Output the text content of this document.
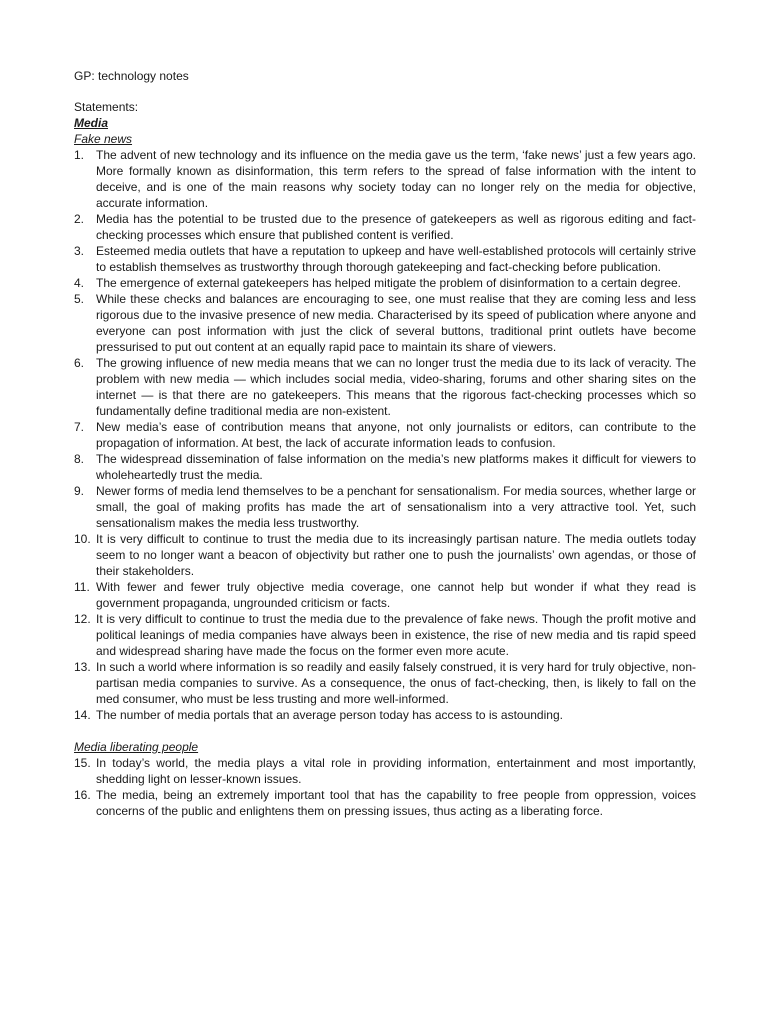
GP: technology notes

Statements:

Media

Fake news

1. The advent of new technology and its influence on the media gave us the term, ‘fake news’ just a few years ago. More formally known as disinformation, this term refers to the spread of false information with the intent to deceive, and is one of the main reasons why society today can no longer rely on the media for objective, accurate information.
2. Media has the potential to be trusted due to the presence of gatekeepers as well as rigorous editing and fact-checking processes which ensure that published content is verified.
3. Esteemed media outlets that have a reputation to upkeep and have well-established protocols will certainly strive to establish themselves as trustworthy through thorough gatekeeping and fact-checking before publication.
4. The emergence of external gatekeepers has helped mitigate the problem of disinformation to a certain degree.
5. While these checks and balances are encouraging to see, one must realise that they are coming less and less rigorous due to the invasive presence of new media. Characterised by its speed of publication where anyone and everyone can post information with just the click of several buttons, traditional print outlets have become pressurised to put out content at an equally rapid pace to maintain its share of viewers.
6. The growing influence of new media means that we can no longer trust the media due to its lack of veracity. The problem with new media — which includes social media, video-sharing, forums and other sharing sites on the internet — is that there are no gatekeepers. This means that the rigorous fact-checking processes which so fundamentally define traditional media are non-existent.
7. New media’s ease of contribution means that anyone, not only journalists or editors, can contribute to the propagation of information. At best, the lack of accurate information leads to confusion.
8. The widespread dissemination of false information on the media’s new platforms makes it difficult for viewers to wholeheartedly trust the media.
9. Newer forms of media lend themselves to be a penchant for sensationalism. For media sources, whether large or small, the goal of making profits has made the art of sensationalism into a very attractive tool. Yet, such sensationalism makes the media less trustworthy.
10. It is very difficult to continue to trust the media due to its increasingly partisan nature. The media outlets today seem to no longer want a beacon of objectivity but rather one to push the journalists’ own agendas, or those of their stakeholders.
11. With fewer and fewer truly objective media coverage, one cannot help but wonder if what they read is government propaganda, ungrounded criticism or facts.
12. It is very difficult to continue to trust the media due to the prevalence of fake news. Though the profit motive and political leanings of media companies have always been in existence, the rise of new media and tis rapid speed and widespread sharing have made the focus on the former even more acute.
13. In such a world where information is so readily and easily falsely construed, it is very hard for truly objective, non-partisan media companies to survive. As a consequence, the onus of fact-checking, then, is likely to fall on the med consumer, who must be less trusting and more well-informed.
14. The number of media portals that an average person today has access to is astounding.

Media liberating people

15. In today’s world, the media plays a vital role in providing information, entertainment and most importantly, shedding light on lesser-known issues.
16. The media, being an extremely important tool that has the capability to free people from oppression, voices concerns of the public and enlightens them on pressing issues, thus acting as a liberating force.
